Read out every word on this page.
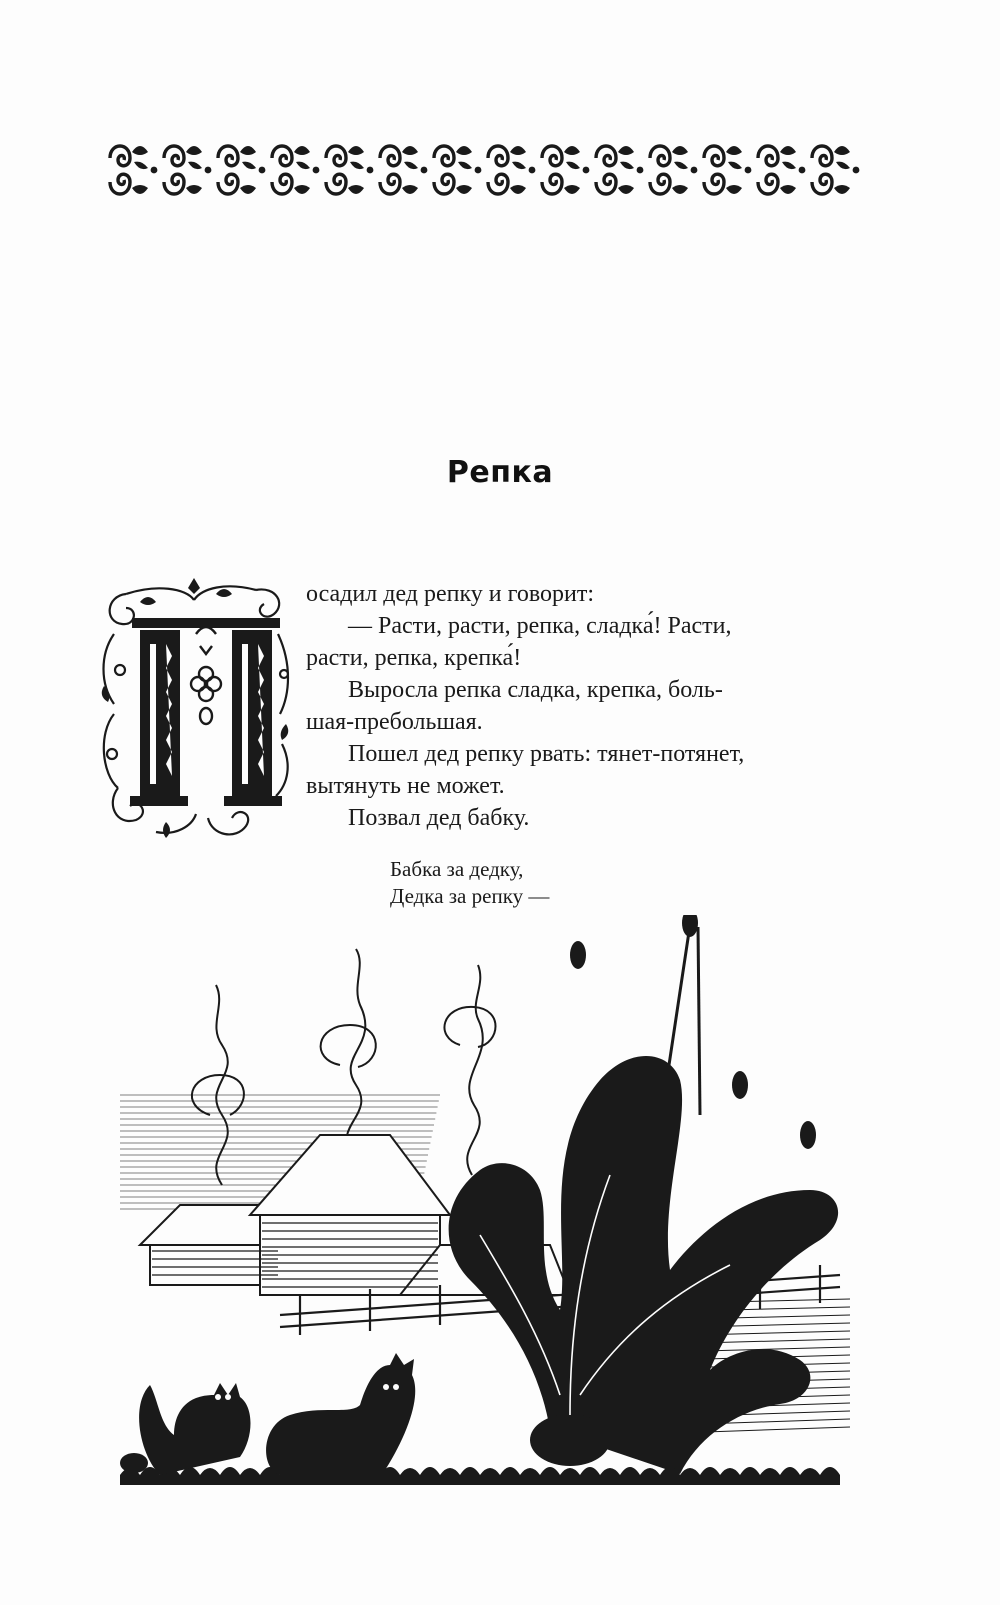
Репка

осадил дед репку и говорит:

— Расти, расти, репка, сладка́! Расти,

расти, репка, крепка́!

Выросла репка сладка, крепка, боль-

шая-пребольшая.

Пошел дед репку рвать: тянет-потянет,

вытянуть не может.

Позвал дед бабку.

Бабка за дедку,
Дедка за репку —
